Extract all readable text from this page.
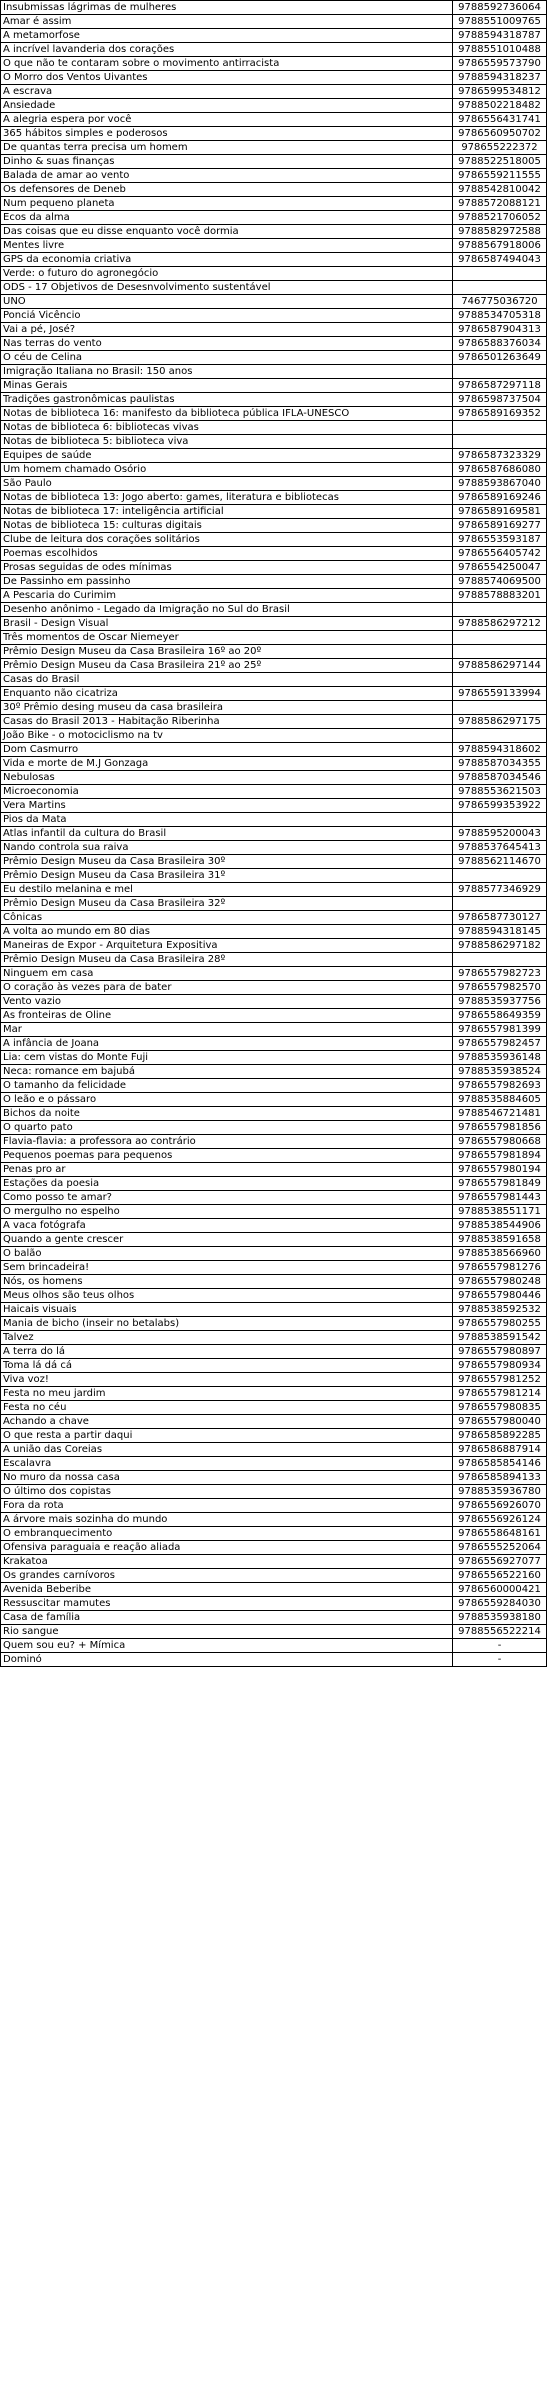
Insubmissas lágrimas de mulheres	9788592736064
Amar é assim	9788551009765
A metamorfose	9788594318787
A incrível lavanderia dos corações	9788551010488
O que não te contaram sobre o movimento antirracista	9786559573790
O Morro dos Ventos Uivantes	9788594318237
A escrava	9786599534812
Ansiedade	9788502218482
A alegria espera por você	9786556431741
365 hábitos simples e poderosos	9786560950702
De quantas terra precisa um homem	978655222372
Dinho & suas finanças	9788522518005
Balada de amar ao vento	9786559211555
Os defensores de Deneb	9788542810042
Num pequeno planeta	9788572088121
Ecos da alma	9788521706052
Das coisas que eu disse enquanto você dormia	9788582972588
Mentes livre	9788567918006
GPS da economia criativa	9786587494043
Verde: o futuro do agronegócio	
ODS - 17 Objetivos de Desesnvolvimento sustentável	
UNO	746775036720
Ponciá Vicêncio	9788534705318
Vai a pé, José?	9786587904313
Nas terras do vento	9786588376034
O céu de Celina	9786501263649
Imigração Italiana no Brasil: 150 anos	
Minas Gerais	9786587297118
Tradições gastronômicas paulistas	9786598737504
Notas de biblioteca 16: manifesto da biblioteca pública IFLA-UNESCO	9786589169352
Notas de biblioteca 6: bibliotecas vivas	
Notas de biblioteca 5: biblioteca viva	
Equipes de saúde	9786587323329
Um homem chamado Osório	9786587686080
São Paulo	9788593867040
Notas de biblioteca 13: Jogo aberto: games, literatura e bibliotecas	9786589169246
Notas de biblioteca 17: inteligência artificial	9786589169581
Notas de biblioteca 15: culturas digitais	9786589169277
Clube de leitura dos corações solitários	9786553593187
Poemas escolhidos	9786556405742
Prosas seguidas de odes mínimas	9786554250047
De Passinho em passinho	9788574069500
A Pescaria do Curimim	9788578883201
Desenho anônimo - Legado da Imigração no Sul do Brasil	
Brasil - Design Visual	9788586297212
Três momentos de Oscar Niemeyer	
Prêmio Design Museu da Casa Brasileira 16º ao 20º	
Prêmio Design Museu da Casa Brasileira 21º ao 25º	9788586297144
Casas do Brasil	
Enquanto não cicatriza	9786559133994
30º Prêmio desing museu da casa brasileira	
Casas do Brasil 2013 - Habitação Riberinha	9788586297175
João Bike - o motociclismo na tv	
Dom Casmurro	9788594318602
Vida e morte de M.J Gonzaga	9788587034355
Nebulosas	9788587034546
Microeconomia	9788553621503
Vera Martins	9786599353922
Pios da Mata	
Atlas infantil da cultura do Brasil	9788595200043
Nando controla sua raiva	9788537645413
Prêmio Design Museu da Casa Brasileira 30º	9788562114670
Prêmio Design Museu da Casa Brasileira 31º	
Eu destilo melanina e mel	9788577346929
Prêmio Design Museu da Casa Brasileira 32º	
Cônicas	9786587730127
A volta ao mundo em 80 dias	9788594318145
Maneiras de Expor - Arquitetura Expositiva	9788586297182
Prêmio Design Museu da Casa Brasileira 28º	
Ninguem em casa	9786557982723
O coração às vezes para de bater	9786557982570
Vento vazio	9788535937756
As fronteiras de Oline	9786558649359
Mar	9786557981399
A infância de Joana	9786557982457
Lia: cem vistas do Monte Fuji	9788535936148
Neca: romance em bajubá	9788535938524
O tamanho da felicidade	9786557982693
O leão e o pássaro	9788535884605
Bichos da noite	9788546721481
O quarto pato	9786557981856
Flavia-flavia: a professora ao contrário	9786557980668
Pequenos poemas para pequenos	9786557981894
Penas pro ar	9786557980194
Estações da poesia	9786557981849
Como posso te amar?	9786557981443
O mergulho no espelho	9788538551171
A vaca fotógrafa	9788538544906
Quando a gente crescer	9788538591658
O balão	9788538566960
Sem brincadeira!	9786557981276
Nós, os homens	9786557980248
Meus olhos são teus olhos	9786557980446
Haicais visuais	9788538592532
Mania de bicho (inseir no betalabs)	9786557980255
Talvez	9788538591542
A terra do lá	9786557980897
Toma lá dá cá	9786557980934
Viva voz!	9786557981252
Festa no meu jardim	9786557981214
Festa no céu	9786557980835
Achando a chave	9786557980040
O que resta a partir daqui	9786585892285
A união das Coreias	9786586887914
Escalavra	9786585854146
No muro da nossa casa	9786585894133
O último dos copistas	9788535936780
Fora da rota	9786556926070
A árvore mais sozinha do mundo	9786556926124
O embranquecimento	9786558648161
Ofensiva paraguaia e reação aliada	9786555252064
Krakatoa	9786556927077
Os grandes carnívoros	9786556522160
Avenida Beberibe	9786560000421
Ressuscitar mamutes	9786559284030
Casa de família	9788535938180
Rio sangue	9788556522214
Quem sou eu? + Mímica	-
Dominó	-
